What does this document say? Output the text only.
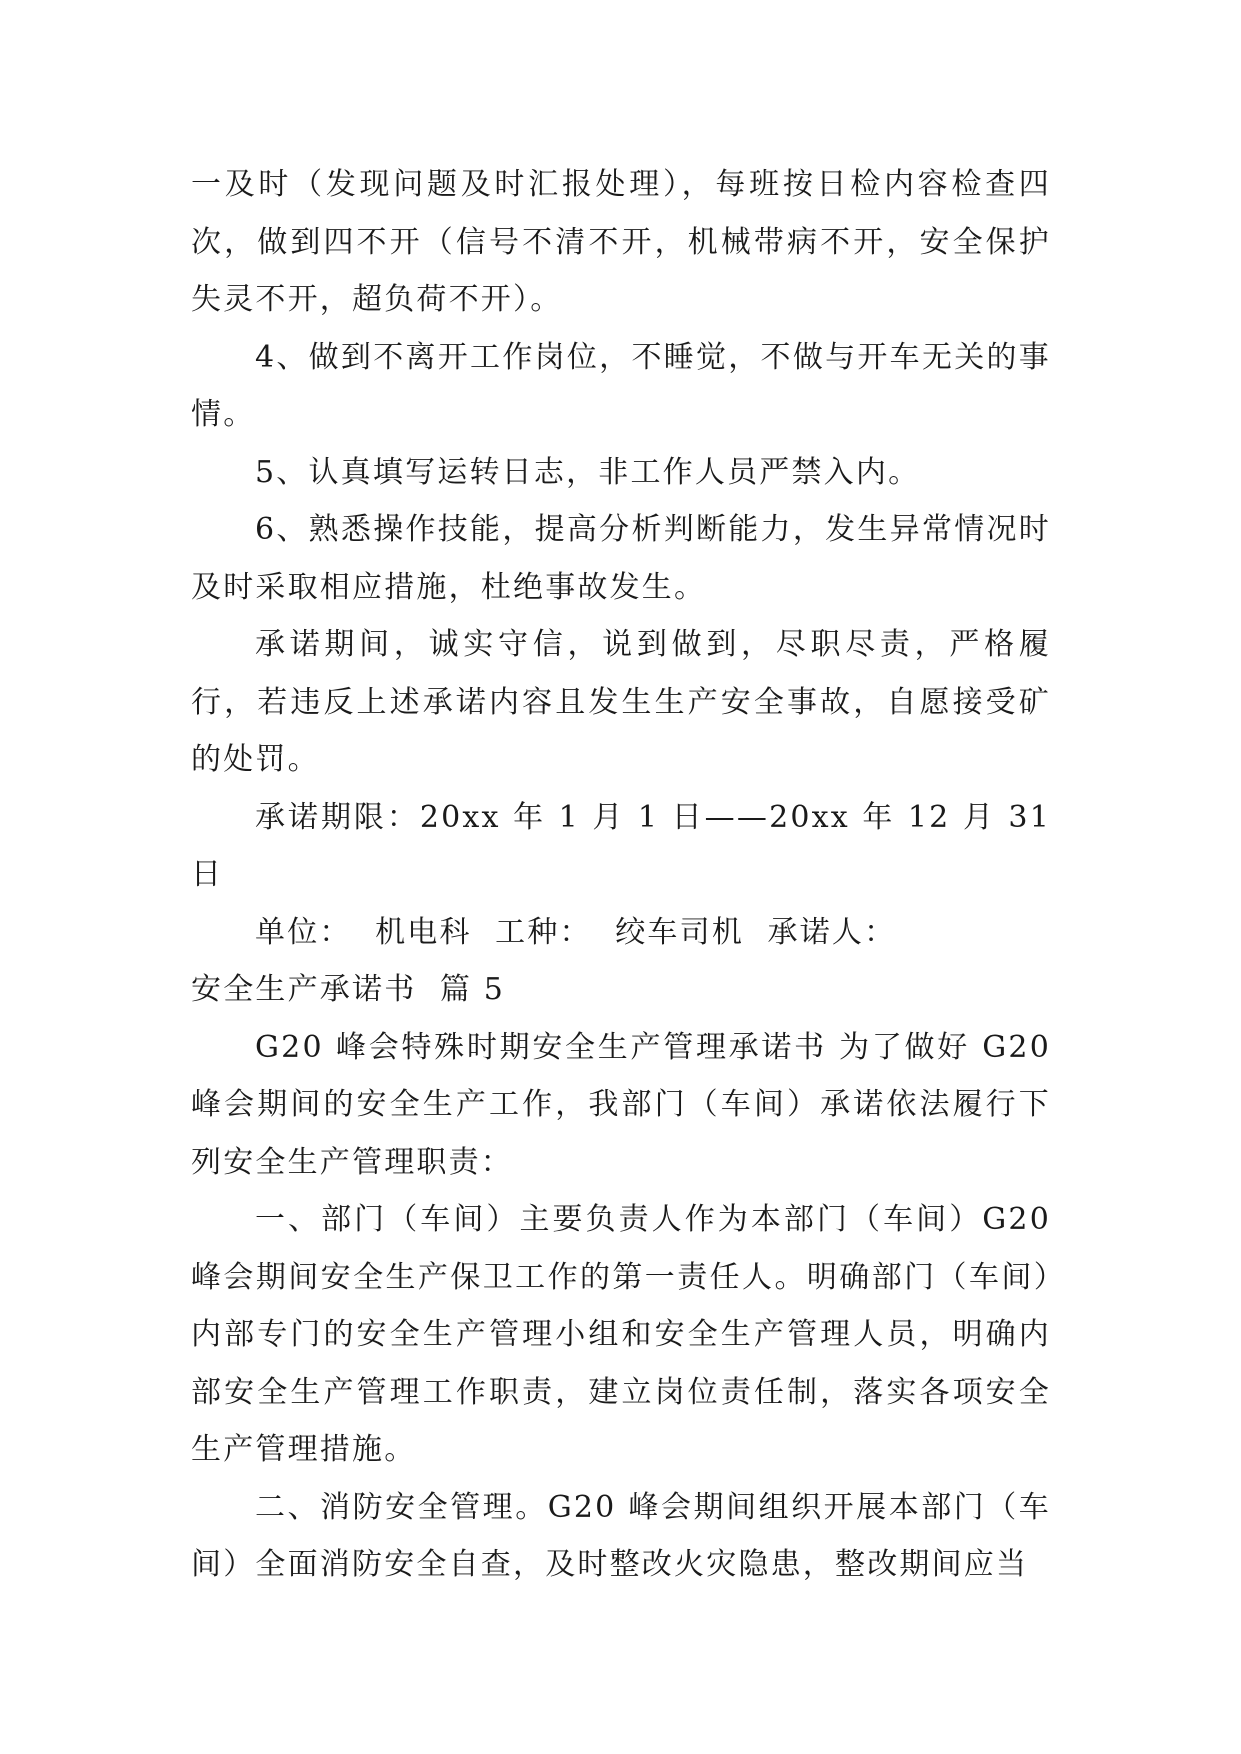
一及时（发现问题及时汇报处理），每班按日检内容检查四次，做到四不开（信号不清不开，机械带病不开，安全保护失灵不开，超负荷不开）。

4、做到不离开工作岗位，不睡觉，不做与开车无关的事情。

5、认真填写运转日志，非工作人员严禁入内。

6、熟悉操作技能，提高分析判断能力，发生异常情况时及时采取相应措施，杜绝事故发生。

承诺期间，诚实守信，说到做到，尽职尽责，严格履行，若违反上述承诺内容且发生生产安全事故，自愿接受矿的处罚。

承诺期限：20xx 年 1 月 1 日——20xx 年 12 月 31 日

单位：  机电科  工种：  绞车司机  承诺人：

安全生产承诺书  篇 5

G20 峰会特殊时期安全生产管理承诺书 为了做好 G20 峰会期间的安全生产工作，我部门（车间）承诺依法履行下列安全生产管理职责：

一、部门（车间）主要负责人作为本部门（车间）G20 峰会期间安全生产保卫工作的第一责任人。明确部门（车间）内部专门的安全生产管理小组和安全生产管理人员，明确内部安全生产管理工作职责，建立岗位责任制，落实各项安全生产管理措施。

二、消防安全管理。G20 峰会期间组织开展本部门（车间）全面消防安全自查，及时整改火灾隐患，整改期间应当
